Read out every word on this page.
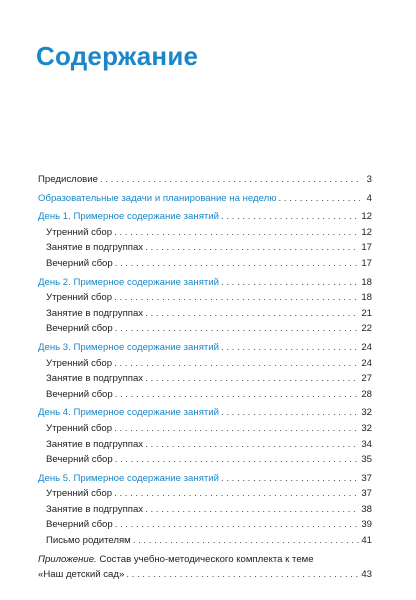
Содержание
Предисловие . . .	3
Образовательные задачи и планирование на неделю . . .	4
День 1. Примерное содержание занятий . . .	12
Утренний сбор . . .	12
Занятие в подгруппах . . .	17
Вечерний сбор . . .	17
День 2. Примерное содержание занятий . . .	18
Утренний сбор . . .	18
Занятие в подгруппах . . .	21
Вечерний сбор . . .	22
День 3. Примерное содержание занятий . . .	24
Утренний сбор . . .	24
Занятие в подгруппах . . .	27
Вечерний сбор . . .	28
День 4. Примерное содержание занятий . . .	32
Утренний сбор . . .	32
Занятие в подгруппах . . .	34
Вечерний сбор . . .	35
День 5. Примерное содержание занятий . . .	37
Утренний сбор . . .	37
Занятие в подгруппах . . .	38
Вечерний сбор . . .	39
Письмо родителям . . .	41
Приложение. Состав учебно-методического комплекта к теме
«Наш детский сад» . . .	43
